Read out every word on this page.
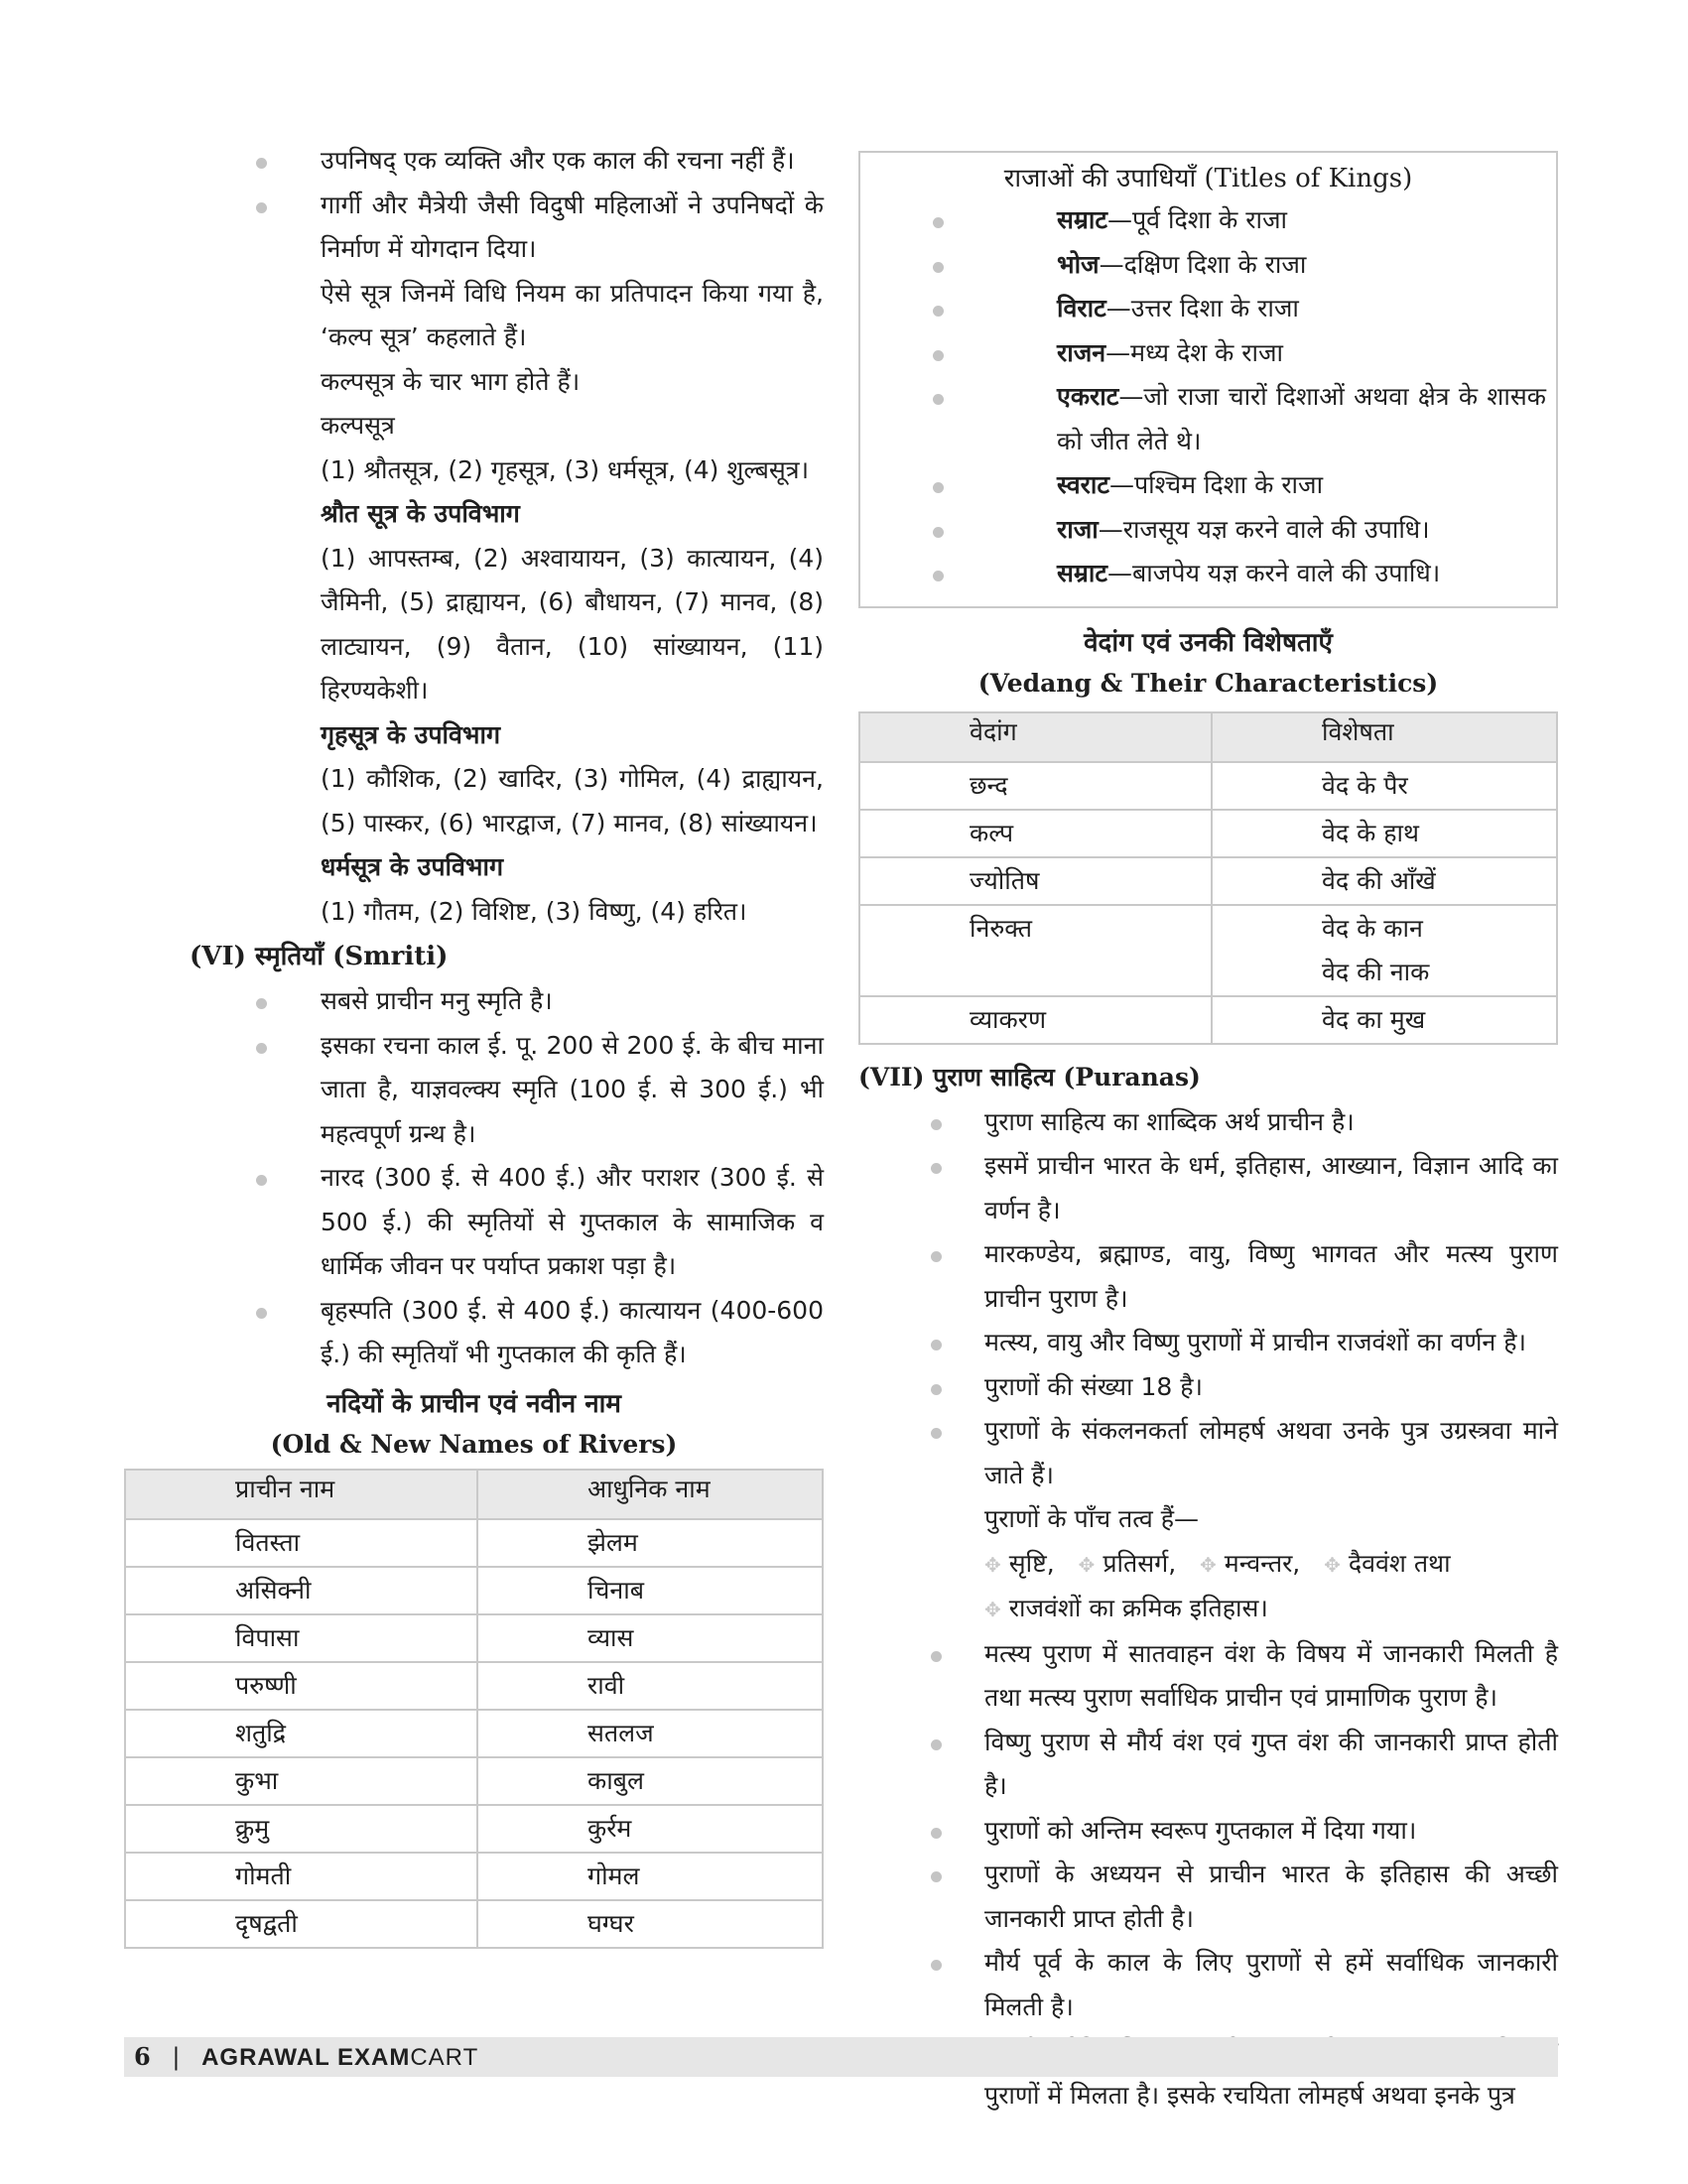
उपनिषद् एक व्यक्ति और एक काल की रचना नहीं हैं।
गार्गी और मैत्रेयी जैसी विदुषी महिलाओं ने उपनिषदों के निर्माण में योगदान दिया।
ऐसे सूत्र जिनमें विधि नियम का प्रतिपादन किया गया है, ‘कल्प सूत्र’ कहलाते हैं।
कल्पसूत्र के चार भाग होते हैं।
कल्पसूत्र
(1) श्रौतसूत्र, (2) गृहसूत्र, (3) धर्मसूत्र, (4) शुल्बसूत्र।
श्रौत सूत्र के उपविभाग
(1) आपस्तम्ब, (2) अश्वायायन, (3) कात्यायन, (4) जैमिनी, (5) द्राह्यायन, (6) बौधायन, (7) मानव, (8) लाट्यायन, (9) वैतान, (10) सांख्यायन, (11) हिरण्यकेशी।
गृहसूत्र के उपविभाग
(1) कौशिक, (2) खादिर, (3) गोमिल, (4) द्राह्यायन, (5) पास्कर, (6) भारद्वाज, (7) मानव, (8) सांख्यायन।
धर्मसूत्र के उपविभाग
(1) गौतम, (2) विशिष्ट, (3) विष्णु, (4) हरित।
(VI) स्मृतियाँ (Smriti)
सबसे प्राचीन मनु स्मृति है।
इसका रचना काल ई. पू. 200 से 200 ई. के बीच माना जाता है, याज्ञवल्क्य स्मृति (100 ई. से 300 ई.) भी महत्वपूर्ण ग्रन्थ है।
नारद (300 ई. से 400 ई.) और पराशर (300 ई. से 500 ई.) की स्मृतियों से गुप्तकाल के सामाजिक व धार्मिक जीवन पर पर्याप्त प्रकाश पड़ा है।
बृहस्पति (300 ई. से 400 ई.) कात्यायन (400-600 ई.) की स्मृतियाँ भी गुप्तकाल की कृति हैं।
नदियों के प्राचीन एवं नवीन नाम
(Old & New Names of Rivers)
प्राचीन नाम	आधुनिक नाम
वितस्ता	झेलम
असिक्नी	चिनाब
विपासा	व्यास
परुष्णी	रावी
शतुद्रि	सतलज
कुभा	काबुल
क्रुमु	कुर्रम
गोमती	गोमल
दृषद्वती	घग्घर
राजाओं की उपाधियाँ (Titles of Kings)
सम्राट—पूर्व दिशा के राजा
भोज—दक्षिण दिशा के राजा
विराट—उत्तर दिशा के राजा
राजन—मध्य देश के राजा
एकराट—जो राजा चारों दिशाओं अथवा क्षेत्र के शासक को जीत लेते थे।
स्वराट—पश्चिम दिशा के राजा
राजा—राजसूय यज्ञ करने वाले की उपाधि।
सम्राट—बाजपेय यज्ञ करने वाले की उपाधि।
वेदांग एवं उनकी विशेषताएँ
(Vedang & Their Characteristics)
वेदांग	विशेषता
छन्द	वेद के पैर
कल्प	वेद के हाथ
ज्योतिष	वेद की आँखें
निरुक्त	वेद के कान
वेद की नाक

व्याकरण	वेद का मुख
(VII) पुराण साहित्य (Puranas)
पुराण साहित्य का शाब्दिक अर्थ प्राचीन है।
इसमें प्राचीन भारत के धर्म, इतिहास, आख्यान, विज्ञान आदि का वर्णन है।
मारकण्डेय, ब्रह्माण्ड, वायु, विष्णु भागवत और मत्स्य पुराण प्राचीन पुराण है।
मत्स्य, वायु और विष्णु पुराणों में प्राचीन राजवंशों का वर्णन है।
पुराणों की संख्या 18 है।
पुराणों के संकलनकर्ता लोमहर्ष अथवा उनके पुत्र उग्रस्त्रवा माने जाते हैं।
पुराणों के पाँच तत्व हैं—
✥ सृष्टि, ✥ प्रतिसर्ग, ✥ मन्वन्तर, ✥ दैववंश तथा
✥ राजवंशों का क्रमिक इतिहास।
मत्स्य पुराण में सातवाहन वंश के विषय में जानकारी मिलती है तथा मत्स्य पुराण सर्वाधिक प्राचीन एवं प्रामाणिक पुराण है।
विष्णु पुराण से मौर्य वंश एवं गुप्त वंश की जानकारी प्राप्त होती है।
पुराणों को अन्तिम स्वरूप गुप्तकाल में दिया गया।
पुराणों के अध्ययन से प्राचीन भारत के इतिहास की अच्छी जानकारी प्राप्त होती है।
मौर्य पूर्व के काल के लिए पुराणों से हमें सर्वाधिक जानकारी मिलती है।
पुराणों में मिलता है। इसके रचयिता लोमहर्ष अथवा इनके पुत्र
6 | AGRAWAL EXAMCART
